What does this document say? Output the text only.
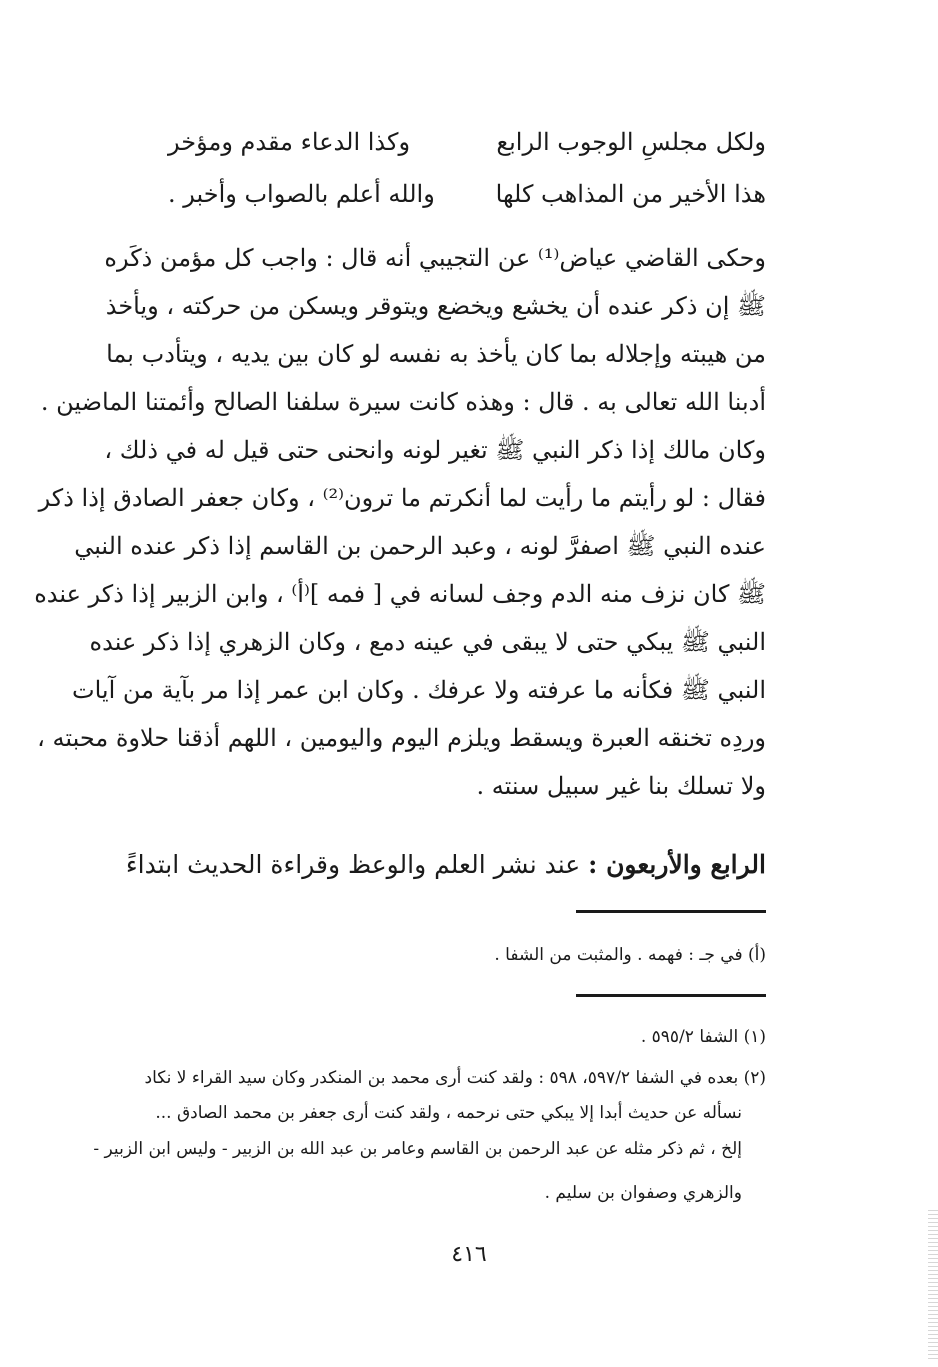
ولكل مجلسِ الوجوب الرابع
وكذا الدعاء مقدم ومؤخر
هذا الأخير من المذاهب كلها
والله أعلم بالصواب وأخبر .
وحكى القاضي عياض⁽¹⁾ عن التجيبي أنه قال : واجب كل مؤمن ذكَره
ﷺ إن ذكر عنده أن يخشع ويخضع ويتوقر ويسكن من حركته ، ويأخذ
من هيبته وإجلاله بما كان يأخذ به نفسه لو كان بين يديه ، ويتأدب بما
أدبنا الله تعالى به . قال : وهذه كانت سيرة سلفنا الصالح وأئمتنا الماضين .
وكان مالك إذا ذكر النبي ﷺ تغير لونه وانحنى حتى قيل له في ذلك ،
فقال : لو رأيتم ما رأيت لما أنكرتم ما ترون⁽²⁾ ، وكان جعفر الصادق إذا ذكر
عنده النبي ﷺ اصفرَّ لونه ، وعبد الرحمن بن القاسم إذا ذكر عنده النبي
ﷺ كان نزف منه الدم وجف لسانه في [ فمه ]⁽أ⁾ ، وابن الزبير إذا ذكر عنده
النبي ﷺ يبكي حتى لا يبقى في عينه دمع ، وكان الزهري إذا ذكر عنده
النبي ﷺ فكأنه ما عرفته ولا عرفك . وكان ابن عمر إذا مر بآية من آيات
وردِه تخنقه العبرة ويسقط ويلزم اليوم واليومين ، اللهم أذقنا حلاوة محبته ،
ولا تسلك بنا غير سبيل سنته .
الرابع والأربعون : عند نشر العلم والوعظ وقراءة الحديث ابتداءً
(أ) في جـ : فهمه . والمثبت من الشفا .
(١) الشفا ٥٩٥/٢ .
(٢) بعده في الشفا ٥٩٧/٢، ٥٩٨ : ولقد كنت أرى محمد بن المنكدر وكان سيد القراء لا نكاد
نسأله عن حديث أبدا إلا يبكي حتى نرحمه ، ولقد كنت أرى جعفر بن محمد الصادق ...
إلخ ، ثم ذكر مثله عن عبد الرحمن بن القاسم وعامر بن عبد الله بن الزبير - وليس ابن الزبير -
والزهري وصفوان بن سليم .
٤١٦
